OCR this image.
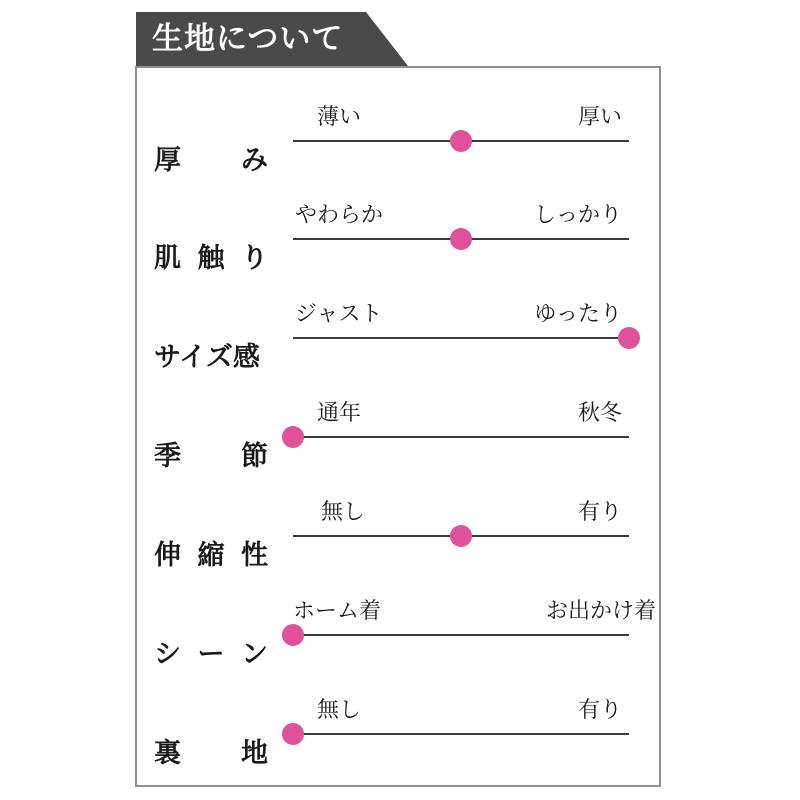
生地について
厚 み
薄い	厚い
肌 触 り
やわらか	しっかり
サイズ感
ジャスト	ゆったり
季 節
通年	秋冬
伸 縮 性
無し	有り
シ ー ン
ホーム着	お出かけ着
裏 地
無し	有り
